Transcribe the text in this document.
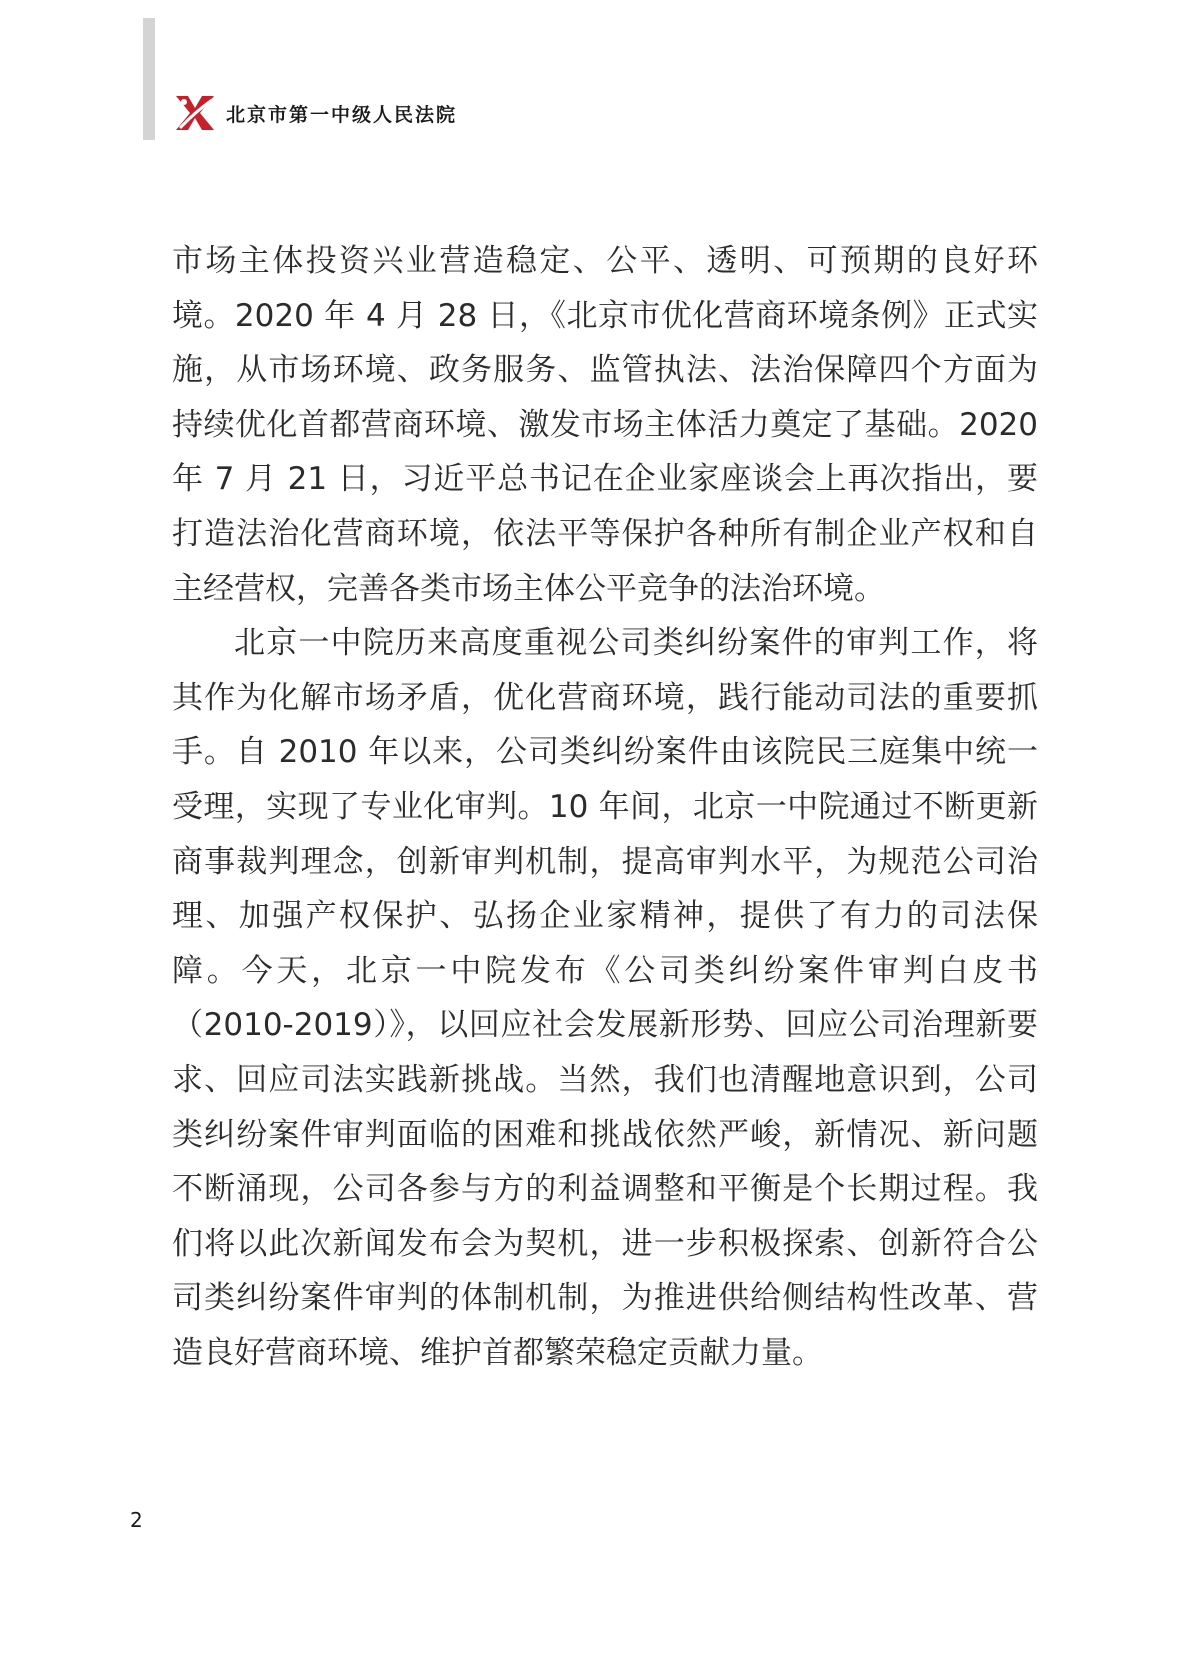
北京市第一中级人民法院

市场主体投资兴业营造稳定、公平、透明、可预期的良好环境。2020 年 4 月 28 日，《北京市优化营商环境条例》正式实施，从市场环境、政务服务、监管执法、法治保障四个方面为持续优化首都营商环境、激发市场主体活力奠定了基础。2020 年 7 月 21 日，习近平总书记在企业家座谈会上再次指出，要打造法治化营商环境，依法平等保护各种所有制企业产权和自主经营权，完善各类市场主体公平竞争的法治环境。

北京一中院历来高度重视公司类纠纷案件的审判工作，将其作为化解市场矛盾，优化营商环境，践行能动司法的重要抓手。自 2010 年以来，公司类纠纷案件由该院民三庭集中统一受理，实现了专业化审判。10 年间，北京一中院通过不断更新商事裁判理念，创新审判机制，提高审判水平，为规范公司治理、加强产权保护、弘扬企业家精神，提供了有力的司法保障。今天，北京一中院发布《公司类纠纷案件审判白皮书（2010-2019）》，以回应社会发展新形势、回应公司治理新要求、回应司法实践新挑战。当然，我们也清醒地意识到，公司类纠纷案件审判面临的困难和挑战依然严峻，新情况、新问题不断涌现，公司各参与方的利益调整和平衡是个长期过程。我们将以此次新闻发布会为契机，进一步积极探索、创新符合公司类纠纷案件审判的体制机制，为推进供给侧结构性改革、营造良好营商环境、维护首都繁荣稳定贡献力量。

2
